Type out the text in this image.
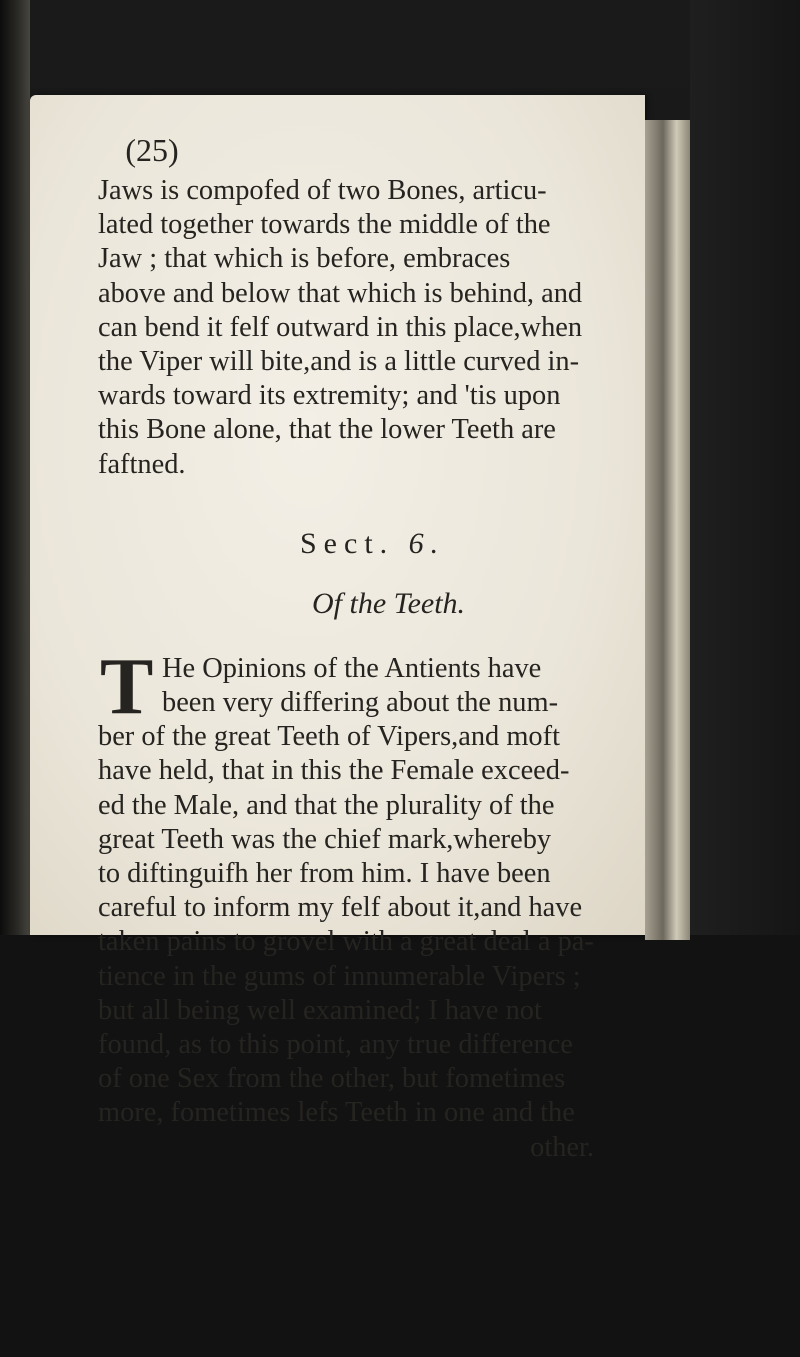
(25)

Jaws is compofed of two Bones, articu-

lated together towards the middle of the

Jaw ; that which is before, embraces

above and below that which is behind, and

can bend it felf outward in this place,when

the Viper will bite,and is a little curved in-

wards toward its extremity; and 'tis upon

this Bone alone, that the lower Teeth are

faftned.

Sect. 6.
Of the Teeth.
T He Opinions of the Antients have

been very differing about the num-

ber of the great Teeth of Vipers,and moft

have held, that in this the Female exceed-

ed the Male, and that the plurality of the

great Teeth was the chief mark,whereby

to diftinguifh her from him. I have been

careful to inform my felf about it,and have

taken pains to grovel with a great deal a pa-

tience in the gums of innumerable Vipers ;

but all being well examined; I have not

found, as to this point, any true difference

of one Sex from the other, but fometimes

more, fometimes lefs Teeth in one and the

other.
